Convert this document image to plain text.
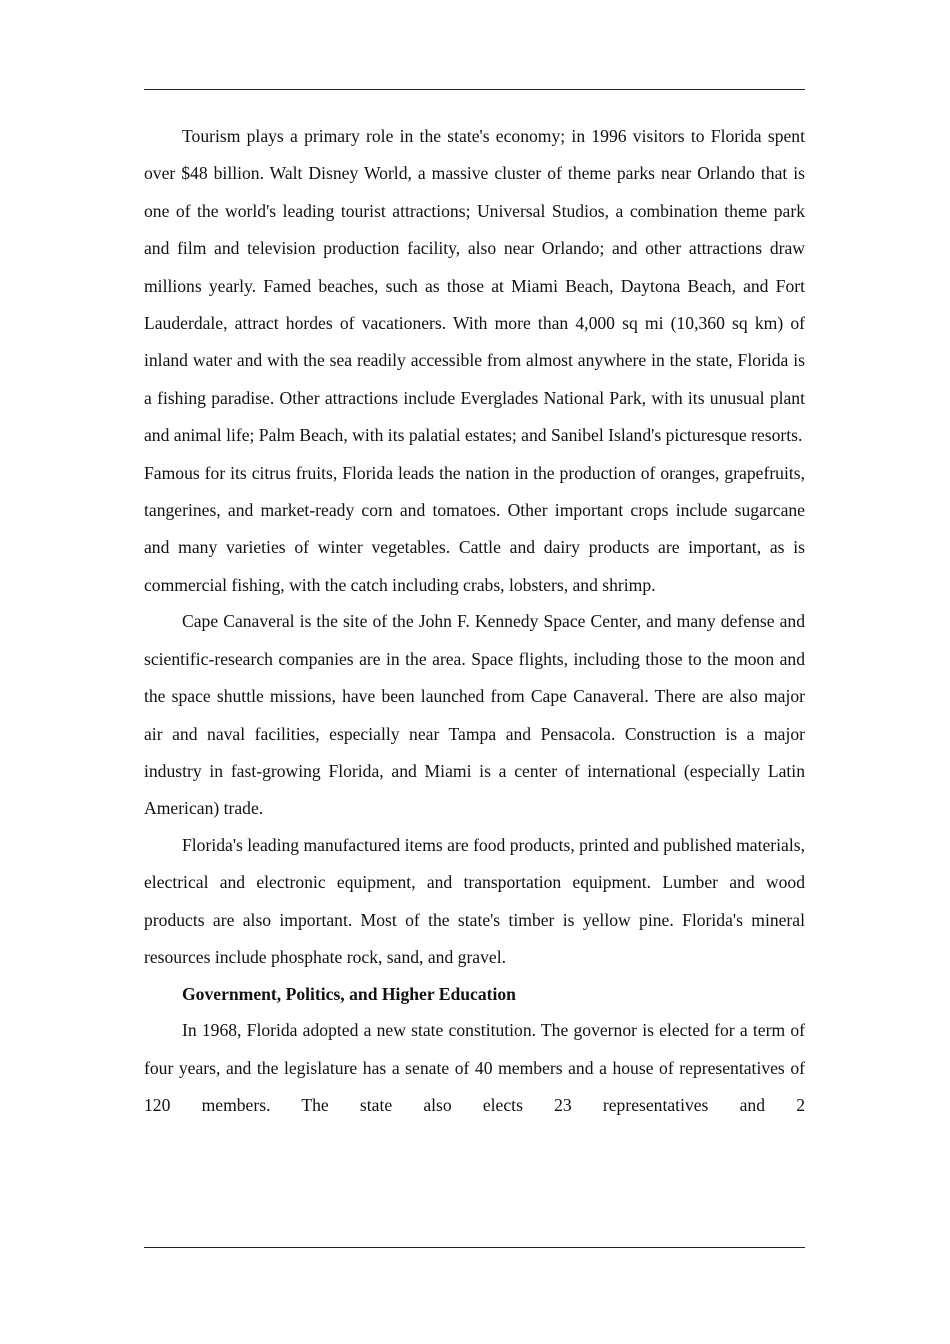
Tourism plays a primary role in the state's economy; in 1996 visitors to Florida spent over $48 billion. Walt Disney World, a massive cluster of theme parks near Orlando that is one of the world's leading tourist attractions; Universal Studios, a combination theme park and film and television production facility, also near Orlando; and other attractions draw millions yearly. Famed beaches, such as those at Miami Beach, Daytona Beach, and Fort Lauderdale, attract hordes of vacationers. With more than 4,000 sq mi (10,360 sq km) of inland water and with the sea readily accessible from almost anywhere in the state, Florida is a fishing paradise. Other attractions include Everglades National Park, with its unusual plant and animal life; Palm Beach, with its palatial estates; and Sanibel Island's picturesque resorts.

Famous for its citrus fruits, Florida leads the nation in the production of oranges, grapefruits, tangerines, and market-ready corn and tomatoes. Other important crops include sugarcane and many varieties of winter vegetables. Cattle and dairy products are important, as is commercial fishing, with the catch including crabs, lobsters, and shrimp.

Cape Canaveral is the site of the John F. Kennedy Space Center, and many defense and scientific-research companies are in the area. Space flights, including those to the moon and the space shuttle missions, have been launched from Cape Canaveral. There are also major air and naval facilities, especially near Tampa and Pensacola. Construction is a major industry in fast-growing Florida, and Miami is a center of international (especially Latin American) trade.

Florida's leading manufactured items are food products, printed and published materials, electrical and electronic equipment, and transportation equipment. Lumber and wood products are also important. Most of the state's timber is yellow pine. Florida's mineral resources include phosphate rock, sand, and gravel.

Government, Politics, and Higher Education

In 1968, Florida adopted a new state constitution. The governor is elected for a term of four years, and the legislature has a senate of 40 members and a house of representatives of 120 members. The state also elects 23 representatives and 2
